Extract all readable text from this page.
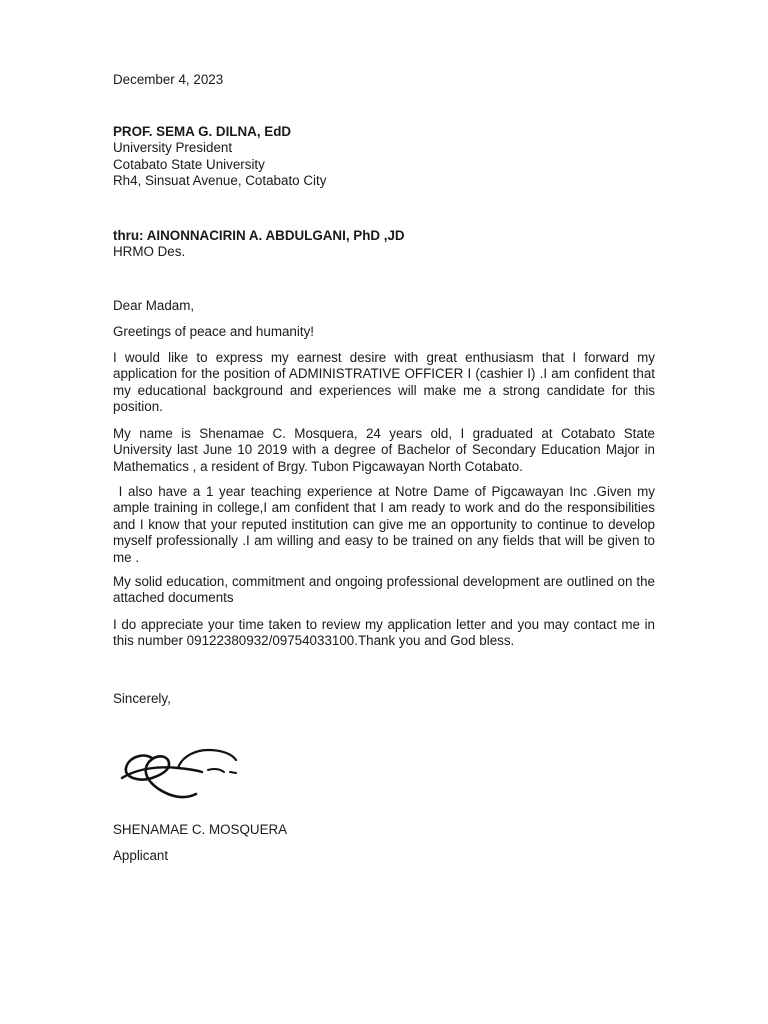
December 4, 2023
PROF. SEMA G. DILNA, EdD
University President
Cotabato State University
Rh4, Sinsuat Avenue, Cotabato City
thru: AINONNACIRIN A. ABDULGANI, PhD ,JD
HRMO Des.
Dear Madam,
Greetings of peace and humanity!
I would like to express my earnest desire with great enthusiasm that I forward my application for the position of ADMINISTRATIVE OFFICER I (cashier I) .I am confident that my educational background and experiences will make me a strong candidate for this position.
My name is Shenamae C. Mosquera, 24 years old, I graduated at Cotabato State University last June 10 2019 with a degree of Bachelor of Secondary Education Major in Mathematics , a resident of Brgy. Tubon Pigcawayan North Cotabato.
I also have a 1 year teaching experience at Notre Dame of Pigcawayan Inc .Given my ample training in college,I am confident that I am ready to work and do the responsibilities and I know that your reputed institution can give me an opportunity to continue to develop myself professionally .I am willing and easy to be trained on any fields that will be given to me .
My solid education, commitment and ongoing professional development are outlined on the attached documents
I do appreciate your time taken to review my application letter and you may contact me in this number 09122380932/09754033100.Thank you and God bless.
Sincerely,
SHENAMAE C. MOSQUERA
Applicant
